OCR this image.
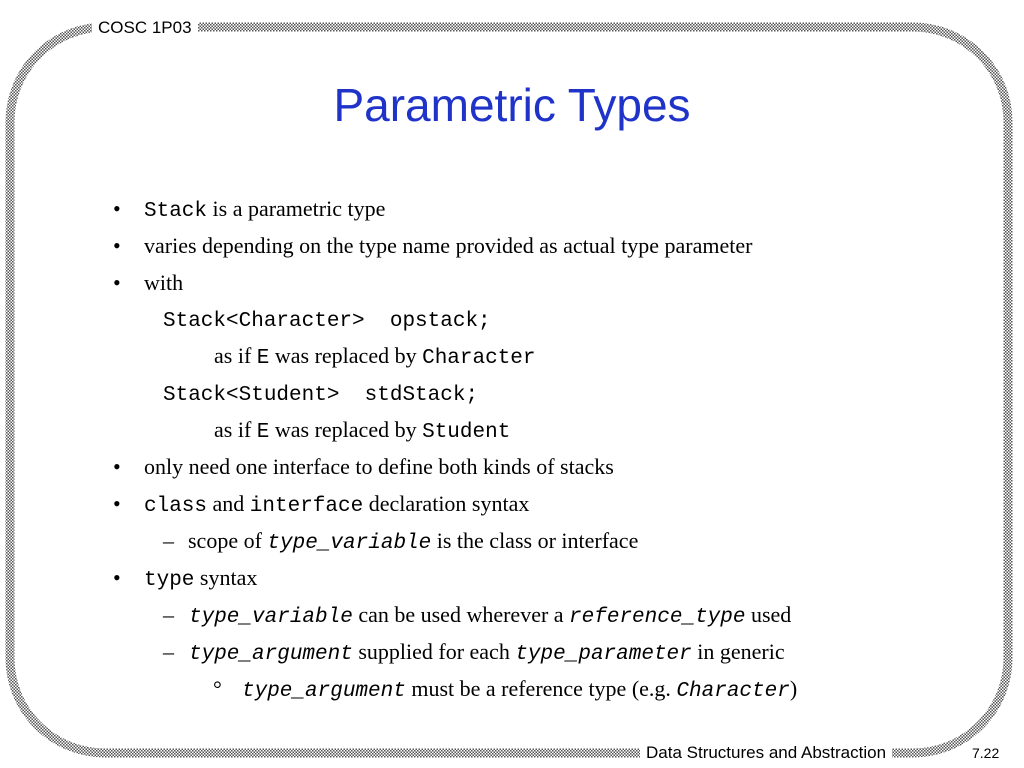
COSC 1P03
Data Structures and Abstraction	7.22
Parametric Types
• Stack is a parametric type
• varies depending on the type name provided as actual type parameter
• with
Stack<Character>  opstack;
as if E was replaced by Character
Stack<Student>  stdStack;
as if E was replaced by Student
• only need one interface to define both kinds of stacks
• class and interface declaration syntax
– scope of type_variable is the class or interface
• type syntax
– type_variable can be used wherever a reference_type used
– type_argument supplied for each type_parameter in generic
° type_argument must be a reference type (e.g. Character)
